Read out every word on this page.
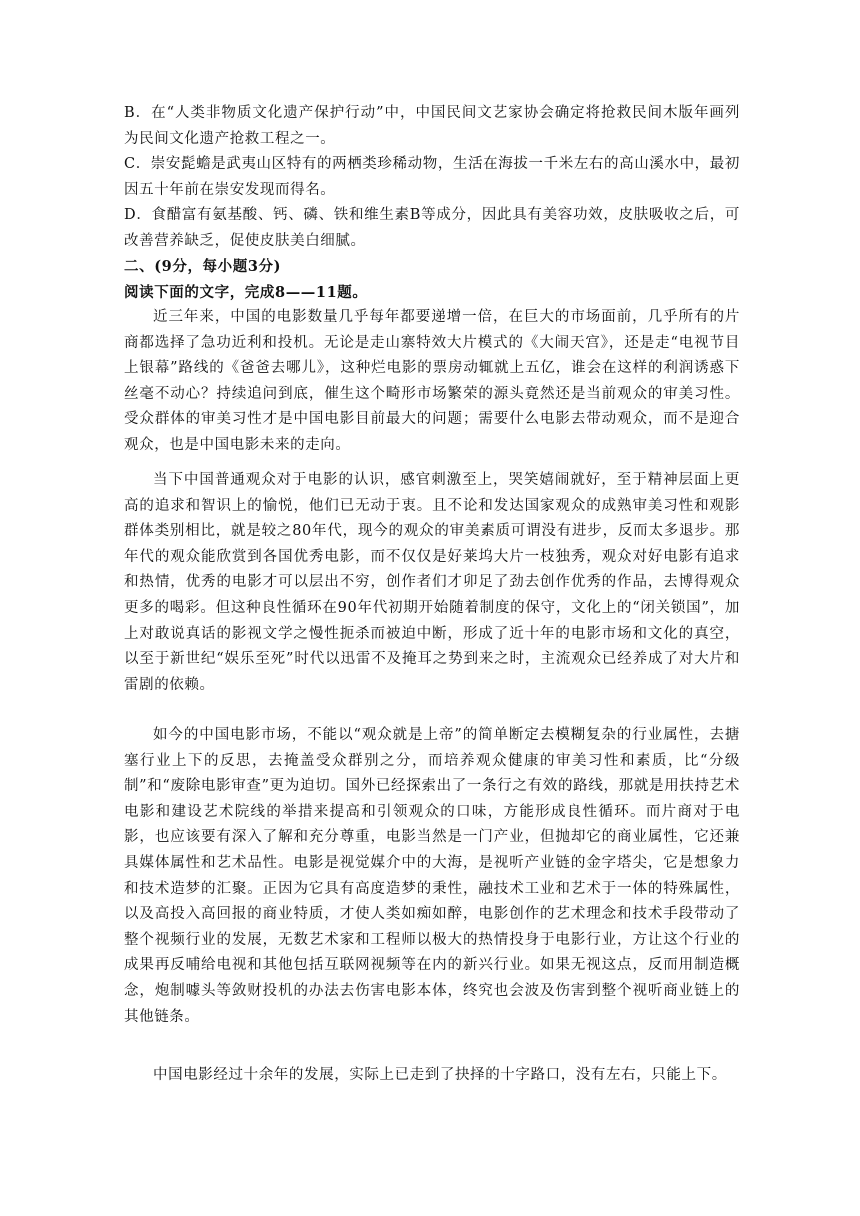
B．在“人类非物质文化遗产保护行动”中，中国民间文艺家协会确定将抢救民间木版年画列为民间文化遗产抢救工程之一。

C．崇安髭蟾是武夷山区特有的两栖类珍稀动物，生活在海拔一千米左右的高山溪水中，最初因五十年前在崇安发现而得名。

D．食醋富有氨基酸、钙、磷、铁和维生素B等成分，因此具有美容功效，皮肤吸收之后，可改善营养缺乏，促使皮肤美白细腻。

二、(9分，每小题3分)

阅读下面的文字，完成8——11题。

近三年来，中国的电影数量几乎每年都要递增一倍，在巨大的市场面前，几乎所有的片商都选择了急功近利和投机。无论是走山寨特效大片模式的《大闹天宫》，还是走“电视节目上银幕”路线的《爸爸去哪儿》，这种烂电影的票房动辄就上五亿，谁会在这样的利润诱惑下丝毫不动心？持续追问到底，催生这个畸形市场繁荣的源头竟然还是当前观众的审美习性。受众群体的审美习性才是中国电影目前最大的问题；需要什么电影去带动观众，而不是迎合观众，也是中国电影未来的走向。

当下中国普通观众对于电影的认识，感官刺激至上，哭笑嬉闹就好，至于精神层面上更高的追求和智识上的愉悦，他们已无动于衷。且不论和发达国家观众的成熟审美习性和观影群体类别相比，就是较之80年代，现今的观众的审美素质可谓没有进步，反而太多退步。那年代的观众能欣赏到各国优秀电影，而不仅仅是好莱坞大片一枝独秀，观众对好电影有追求和热情，优秀的电影才可以层出不穷，创作者们才卯足了劲去创作优秀的作品，去博得观众更多的喝彩。但这种良性循环在90年代初期开始随着制度的保守，文化上的“闭关锁国”，加上对敢说真话的影视文学之慢性扼杀而被迫中断，形成了近十年的电影市场和文化的真空，以至于新世纪“娱乐至死”时代以迅雷不及掩耳之势到来之时，主流观众已经养成了对大片和雷剧的依赖。

如今的中国电影市场，不能以“观众就是上帝”的简单断定去模糊复杂的行业属性，去搪塞行业上下的反思，去掩盖受众群别之分，而培养观众健康的审美习性和素质，比“分级制”和“废除电影审查”更为迫切。国外已经探索出了一条行之有效的路线，那就是用扶持艺术电影和建设艺术院线的举措来提高和引领观众的口味，方能形成良性循环。而片商对于电影，也应该要有深入了解和充分尊重，电影当然是一门产业，但抛却它的商业属性，它还兼具媒体属性和艺术品性。电影是视觉媒介中的大海，是视听产业链的金字塔尖，它是想象力和技术造梦的汇聚。正因为它具有高度造梦的秉性，融技术工业和艺术于一体的特殊属性，以及高投入高回报的商业特质，才使人类如痴如醉，电影创作的艺术理念和技术手段带动了整个视频行业的发展，无数艺术家和工程师以极大的热情投身于电影行业，方让这个行业的成果再反哺给电视和其他包括互联网视频等在内的新兴行业。如果无视这点，反而用制造概念，炮制噱头等敛财投机的办法去伤害电影本体，终究也会波及伤害到整个视听商业链上的其他链条。

中国电影经过十余年的发展，实际上已走到了抉择的十字路口，没有左右，只能上下。
